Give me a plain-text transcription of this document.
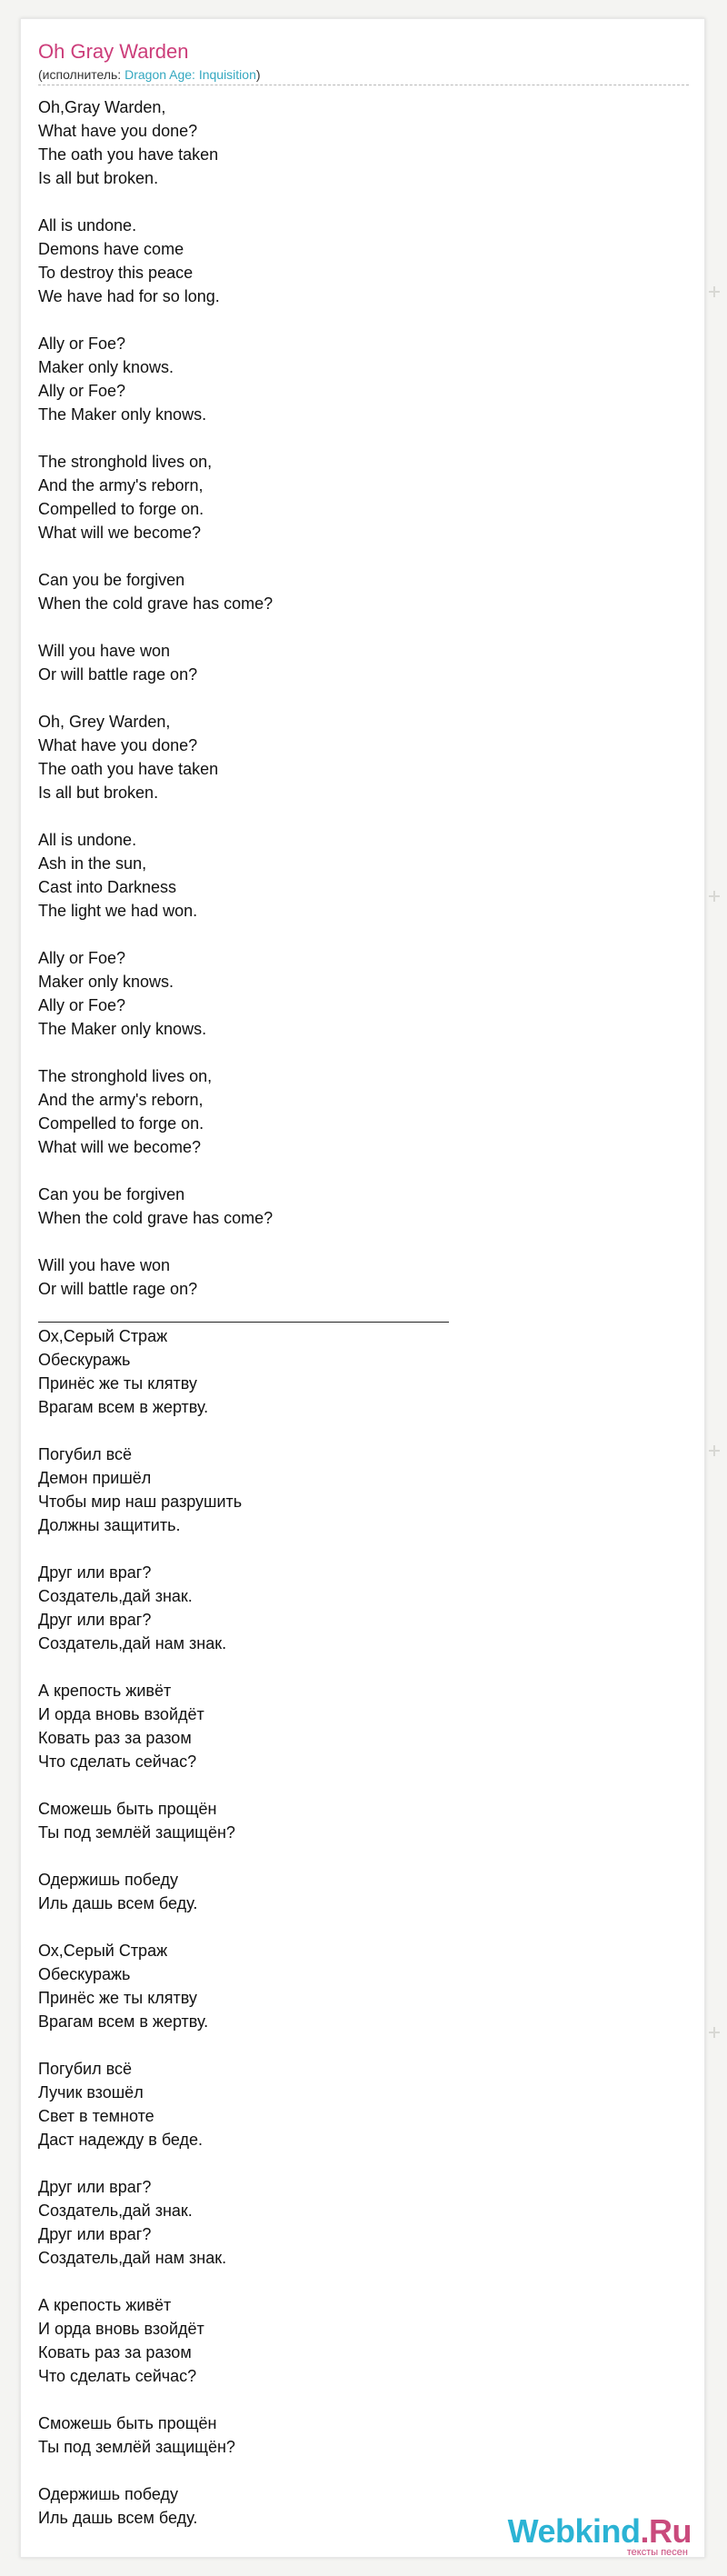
Oh Gray Warden
(исполнитель: Dragon Age: Inquisition)
Oh,Gray Warden,
What have you done?
The oath you have taken
Is all but broken.
All is undone.
Demons have come
To destroy this peace
We have had for so long.
Ally or Foe?
Maker only knows.
Ally or Foe?
The Maker only knows.
The stronghold lives on,
And the army's reborn,
Compelled to forge on.
What will we become?
Can you be forgiven
When the cold grave has come?
Will you have won
Or will battle rage on?
Oh, Grey Warden,
What have you done?
The oath you have taken
Is all but broken.
All is undone.
Ash in the sun,
Cast into Darkness
The light we had won.
Ally or Foe?
Maker only knows.
Ally or Foe?
The Maker only knows.
The stronghold lives on,
And the army's reborn,
Compelled to forge on.
What will we become?
Can you be forgiven
When the cold grave has come?
Will you have won
Or will battle rage on?
Ох,Серый Страж
Обескуражь
Принёс же ты клятву
Врагам всем в жертву.
Погубил всё
Демон пришёл
Чтобы мир наш разрушить
Должны защитить.
Друг или враг?
Создатель,дай знак.
Друг или враг?
Создатель,дай нам знак.
А крепость живёт
И орда вновь взойдёт
Ковать раз за разом
Что сделать сейчас?
Сможешь быть прощён
Ты под землёй защищён?
Одержишь победу
Иль дашь всем беду.
Ох,Серый Страж
Обескуражь
Принёс же ты клятву
Врагам всем в жертву.
Погубил всё
Лучик взошёл
Свет в темноте
Даст надежду в беде.
Друг или враг?
Создатель,дай знак.
Друг или враг?
Создатель,дай нам знак.
А крепость живёт
И орда вновь взойдёт
Ковать раз за разом
Что сделать сейчас?
Сможешь быть прощён
Ты под землёй защищён?
Одержишь победу
Иль дашь всем беду.	Webkind.Ru
тексты песен
